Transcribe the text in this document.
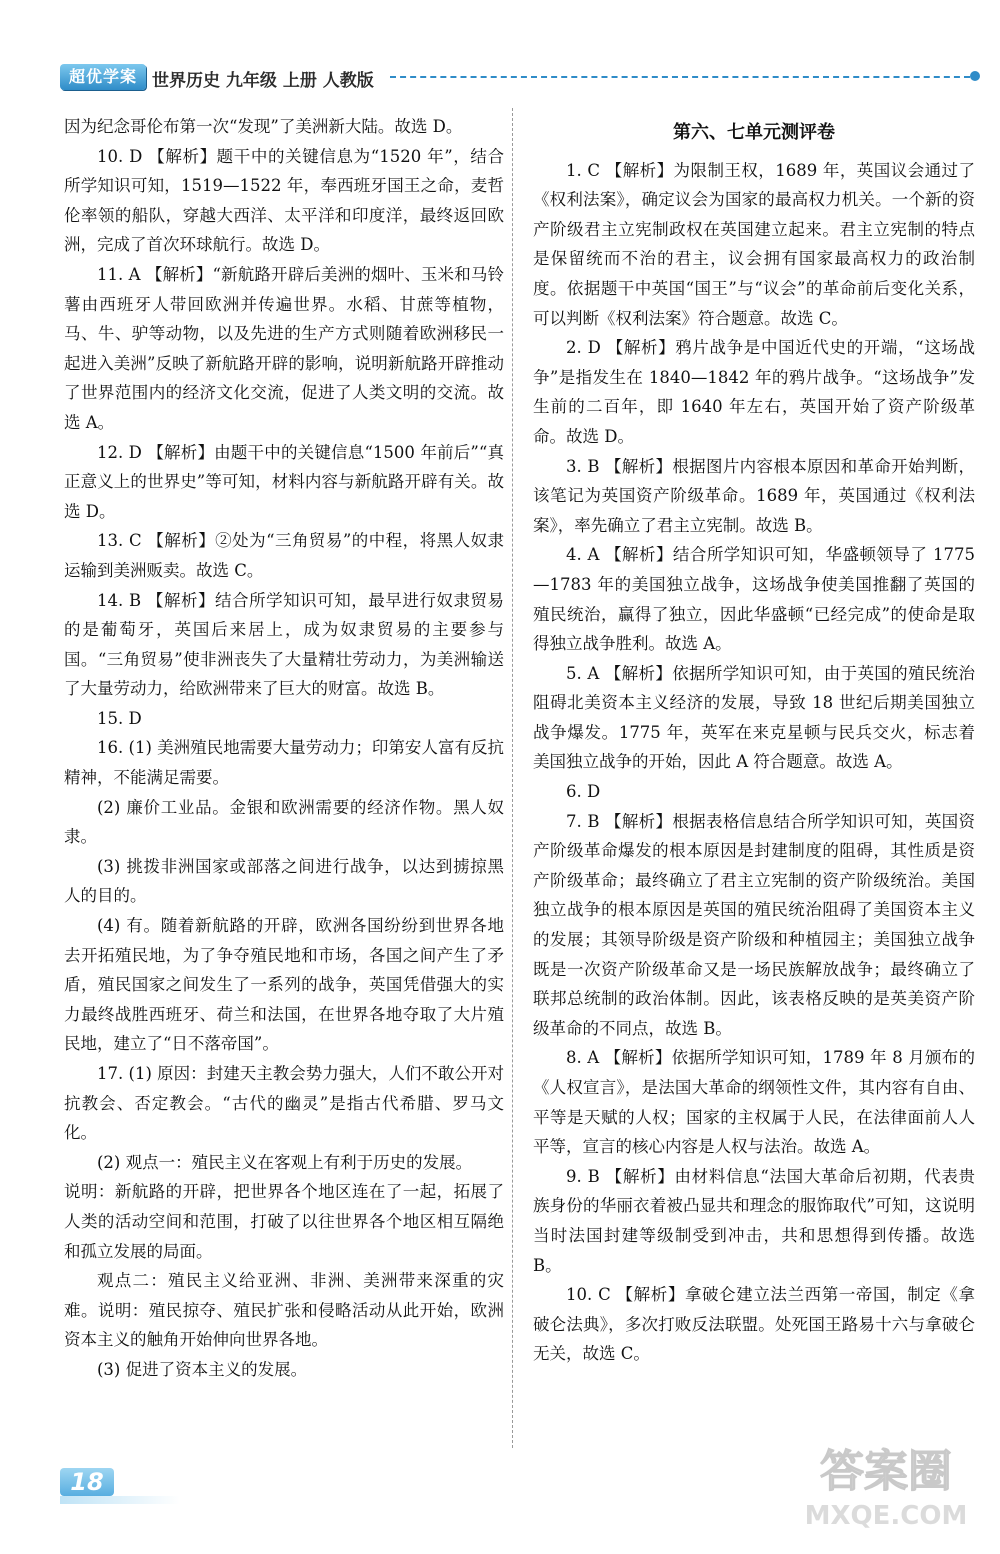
超优学案 世界历史 九年级 上册 人教版

因为纪念哥伦布第一次“发现”了美洲新大陆。故选 D。

10. D 【解析】题干中的关键信息为“1520 年”，结合所学知识可知，1519—1522 年，奉西班牙国王之命，麦哲伦率领的船队，穿越大西洋、太平洋和印度洋，最终返回欧洲，完成了首次环球航行。故选 D。

11. A 【解析】“新航路开辟后美洲的烟叶、玉米和马铃薯由西班牙人带回欧洲并传遍世界。水稻、甘蔗等植物，马、牛、驴等动物，以及先进的生产方式则随着欧洲移民一起进入美洲”反映了新航路开辟的影响，说明新航路开辟推动了世界范围内的经济文化交流，促进了人类文明的交流。故选 A。

12. D 【解析】由题干中的关键信息“1500 年前后”“真正意义上的世界史”等可知，材料内容与新航路开辟有关。故选 D。

13. C 【解析】②处为“三角贸易”的中程，将黑人奴隶运输到美洲贩卖。故选 C。

14. B 【解析】结合所学知识可知，最早进行奴隶贸易的是葡萄牙，英国后来居上，成为奴隶贸易的主要参与国。“三角贸易”使非洲丧失了大量精壮劳动力，为美洲输送了大量劳动力，给欧洲带来了巨大的财富。故选 B。

15. D

16. (1) 美洲殖民地需要大量劳动力；印第安人富有反抗精神，不能满足需要。

(2) 廉价工业品。金银和欧洲需要的经济作物。黑人奴隶。

(3) 挑拨非洲国家或部落之间进行战争，以达到掳掠黑人的目的。

(4) 有。随着新航路的开辟，欧洲各国纷纷到世界各地去开拓殖民地，为了争夺殖民地和市场，各国之间产生了矛盾，殖民国家之间发生了一系列的战争，英国凭借强大的实力最终战胜西班牙、荷兰和法国，在世界各地夺取了大片殖民地，建立了“日不落帝国”。

17. (1) 原因：封建天主教会势力强大，人们不敢公开对抗教会、否定教会。“古代的幽灵”是指古代希腊、罗马文化。

(2) 观点一：殖民主义在客观上有利于历史的发展。

说明：新航路的开辟，把世界各个地区连在了一起，拓展了人类的活动空间和范围，打破了以往世界各个地区相互隔绝和孤立发展的局面。

观点二：殖民主义给亚洲、非洲、美洲带来深重的灾难。说明：殖民掠夺、殖民扩张和侵略活动从此开始，欧洲资本主义的触角开始伸向世界各地。

(3) 促进了资本主义的发展。

第六、七单元测评卷

1. C 【解析】为限制王权，1689 年，英国议会通过了《权利法案》，确定议会为国家的最高权力机关。一个新的资产阶级君主立宪制政权在英国建立起来。君主立宪制的特点是保留统而不治的君主，议会拥有国家最高权力的政治制度。依据题干中英国“国王”与“议会”的革命前后变化关系，可以判断《权利法案》符合题意。故选 C。

2. D 【解析】鸦片战争是中国近代史的开端，“这场战争”是指发生在 1840—1842 年的鸦片战争。“这场战争”发生前的二百年，即 1640 年左右，英国开始了资产阶级革命。故选 D。

3. B 【解析】根据图片内容根本原因和革命开始判断，该笔记为英国资产阶级革命。1689 年，英国通过《权利法案》，率先确立了君主立宪制。故选 B。

4. A 【解析】结合所学知识可知，华盛顿领导了 1775—1783 年的美国独立战争，这场战争使美国推翻了英国的殖民统治，赢得了独立，因此华盛顿“已经完成”的使命是取得独立战争胜利。故选 A。

5. A 【解析】依据所学知识可知，由于英国的殖民统治阻碍北美资本主义经济的发展，导致 18 世纪后期美国独立战争爆发。1775 年，英军在来克星顿与民兵交火，标志着美国独立战争的开始，因此 A 符合题意。故选 A。

6. D

7. B 【解析】根据表格信息结合所学知识可知，英国资产阶级革命爆发的根本原因是封建制度的阻碍，其性质是资产阶级革命；最终确立了君主立宪制的资产阶级统治。美国独立战争的根本原因是英国的殖民统治阻碍了美国资本主义的发展；其领导阶级是资产阶级和种植园主；美国独立战争既是一次资产阶级革命又是一场民族解放战争；最终确立了联邦总统制的政治体制。因此，该表格反映的是英美资产阶级革命的不同点，故选 B。

8. A 【解析】依据所学知识可知，1789 年 8 月颁布的《人权宣言》，是法国大革命的纲领性文件，其内容有自由、平等是天赋的人权；国家的主权属于人民，在法律面前人人平等，宣言的核心内容是人权与法治。故选 A。

9. B 【解析】由材料信息“法国大革命后初期，代表贵族身份的华丽衣着被凸显共和理念的服饰取代”可知，这说明当时法国封建等级制受到冲击，共和思想得到传播。故选 B。

10. C 【解析】拿破仑建立法兰西第一帝国，制定《拿破仑法典》，多次打败反法联盟。处死国王路易十六与拿破仑无关，故选 C。

18	答案圈
MXQE.COM
